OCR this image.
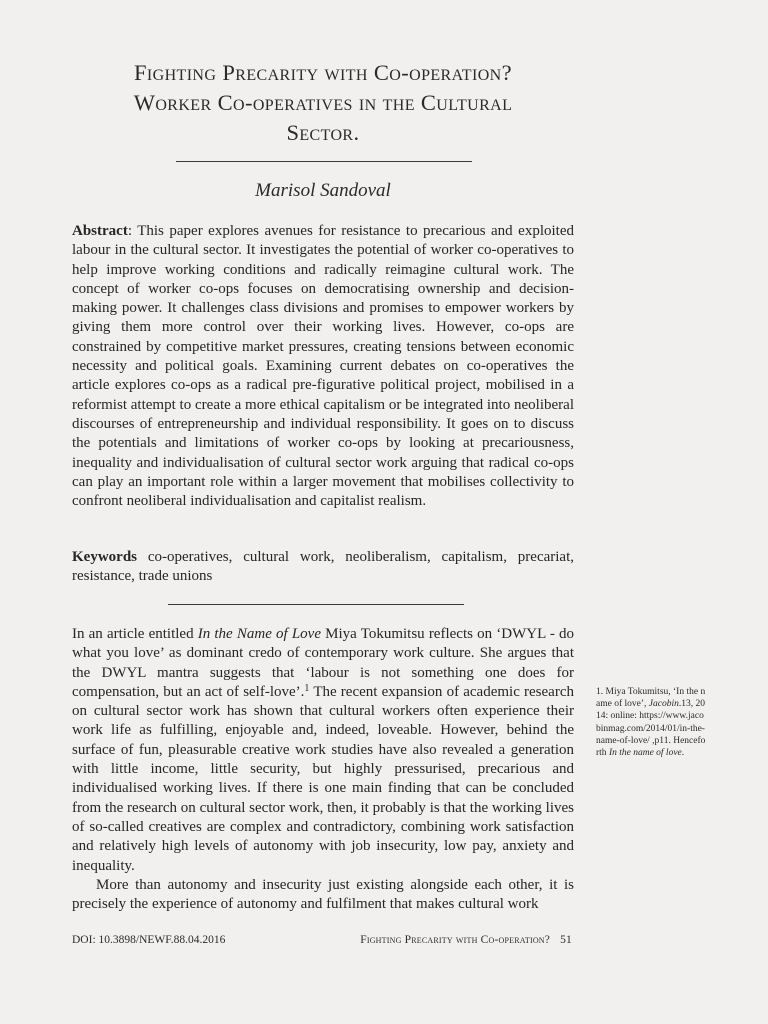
Fighting Precarity with Co-operation?
Worker Co-operatives in the Cultural
Sector.
Marisol Sandoval
Abstract: This paper explores avenues for resistance to precarious and exploited labour in the cultural sector. It investigates the potential of worker co-operatives to help improve working conditions and radically reimagine cultural work. The concept of worker co-ops focuses on democratising ownership and decision-making power. It challenges class divisions and promises to empower workers by giving them more control over their working lives. However, co-ops are constrained by competitive market pressures, creating tensions between economic necessity and political goals. Examining current debates on co-operatives the article explores co-ops as a radical pre-figurative political project, mobilised in a reformist attempt to create a more ethical capitalism or be integrated into neoliberal discourses of entrepreneurship and individual responsibility. It goes on to discuss the potentials and limitations of worker co-ops by looking at precariousness, inequality and individualisation of cultural sector work arguing that radical co-ops can play an important role within a larger movement that mobilises collectivity to confront neoliberal individualisation and capitalist realism.
Keywords co-operatives, cultural work, neoliberalism, capitalism, precariat, resistance, trade unions

In an article entitled In the Name of Love Miya Tokumitsu reflects on ‘DWYL - do what you love’ as dominant credo of contemporary work culture. She argues that the DWYL mantra suggests that ‘labour is not something one does for compensation, but an act of self-love’.$^1$ The recent expansion of academic research on cultural sector work has shown that cultural workers often experience their work life as fulfilling, enjoyable and, indeed, loveable. However, behind the surface of fun, pleasurable creative work studies have also revealed a generation with little income, little security, but highly pressurised, precarious and individualised working lives. If there is one main finding that can be concluded from the research on cultural sector work, then, it probably is that the working lives of so-called creatives are complex and contradictory, combining work satisfaction and relatively high levels of autonomy with job insecurity, low pay, anxiety and inequality.

More than autonomy and insecurity just existing alongside each other, it is precisely the experience of autonomy and fulfilment that makes cultural work

1. Miya Tokumitsu, ‘In the name of love’, Jacobin.13, 2014: online: https://www.jacobinmag.com/2014/01/in-the-name-of-love/ ,p11. Henceforth In the name of love.
DOI: 10.3898/NEWF.88.04.2016	Fighting Precarity with Co-operation? 51
